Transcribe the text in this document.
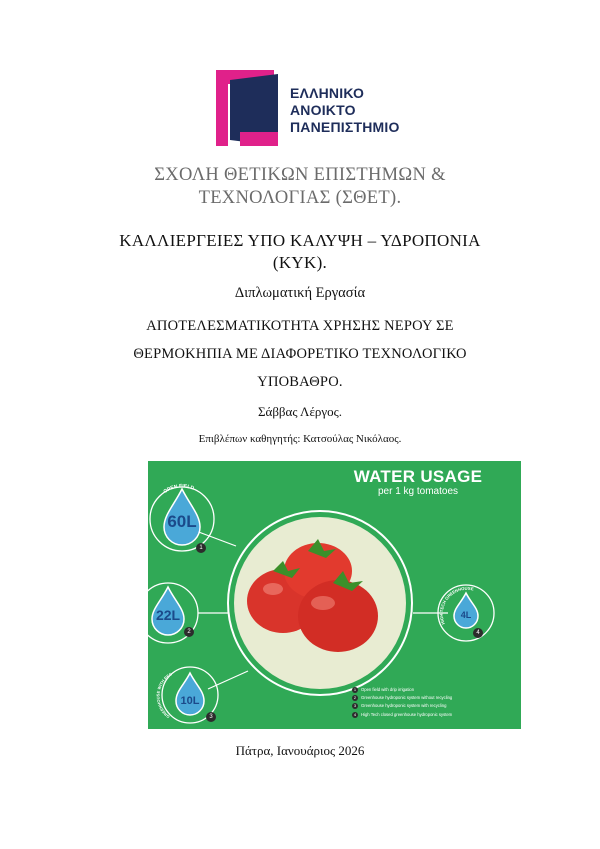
ΕΛΛΗΝΙΚΟ
ΑΝΟΙΚΤΟ
ΠΑΝΕΠΙΣΤΗΜΙΟ
ΣΧΟΛΗ ΘΕΤΙΚΩΝ ΕΠΙΣΤΗΜΩΝ &
ΤΕΧΝΟΛΟΓΙΑΣ (ΣΘΕΤ).
ΚΑΛΛΙΕΡΓΕΙΕΣ ΥΠΟ ΚΑΛΥΨΗ – ΥΔΡΟΠΟΝΙΑ
(ΚΥΚ).
Διπλωματική Εργασία
ΑΠΟΤΕΛΕΣΜΑΤΙΚΟΤΗΤΑ ΧΡΗΣΗΣ ΝΕΡΟΥ ΣΕ
ΘΕΡΜΟΚΗΠΙΑ ΜΕ ΔΙΑΦΟΡΕΤΙΚΟ ΤΕΧΝΟΛΟΓΙΚΟ
ΥΠΟΒΑΘΡΟ.
Σάββας Λέργος.
Επιβλέπων καθηγητής: Κατσούλας Νικόλαος.
OPEN FIELD
GREENHOUSE WITH REC
HIGH TECH GREENHOUSE
WATER USAGE
per 1 kg tomatoes
60L
22L
10L
4L
1
2
3
4
1 Open field with drip irrigation
2 Greenhouse hydroponic system without recycling
3 Greenhouse hydroponic system with recycling
4 High Tech closed greenhouse hydroponic system
Πάτρα, Ιανουάριος 2026
